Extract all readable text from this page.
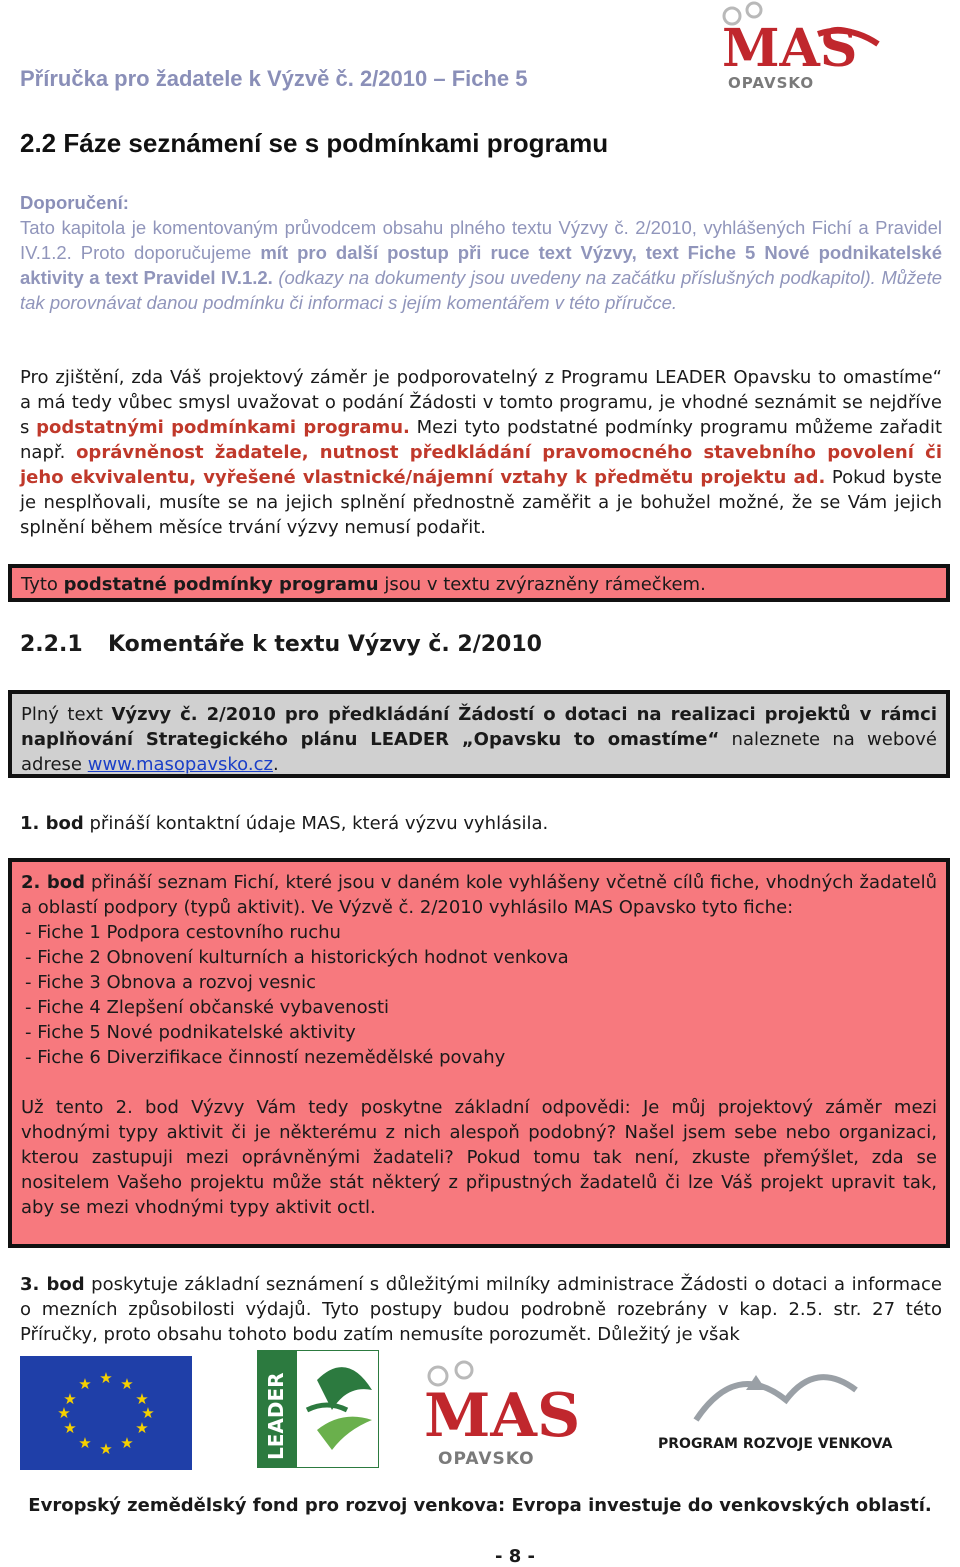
Příručka pro žadatele k Výzvě č. 2/2010 – Fiche 5	MAS
OPAVSKO
2.2 Fáze seznámení se s podmínkami programu
Doporučení:
Tato kapitola je komentovaným průvodcem obsahu plného textu Výzvy č. 2/2010, vyhlášených Fichí a Pravidel IV.1.2. Proto doporučujeme mít pro další postup při ruce text Výzvy, text Fiche 5 Nové podnikatelské aktivity a text Pravidel IV.1.2. (odkazy na dokumenty jsou uvedeny na začátku příslušných podkapitol). Můžete tak porovnávat danou podmínku či informaci s jejím komentářem v této příručce.
Pro zjištění, zda Váš projektový záměr je podporovatelný z Programu LEADER Opavsku to omastíme“ a má tedy vůbec smysl uvažovat o podání Žádosti v tomto programu, je vhodné seznámit se nejdříve s podstatnými podmínkami programu. Mezi tyto podstatné podmínky programu můžeme zařadit např. oprávněnost žadatele, nutnost předkládání pravomocného stavebního povolení či jeho ekvivalentu, vyřešené vlastnické/nájemní vztahy k předmětu projektu ad. Pokud byste je nesplňovali, musíte se na jejich splnění přednostně zaměřit a je bohužel možné, že se Vám jejich splnění během měsíce trvání výzvy nemusí podařit.
Tyto podstatné podmínky programu jsou v textu zvýrazněny rámečkem.
2.2.1 Komentáře k textu Výzvy č. 2/2010
Plný text Výzvy č. 2/2010 pro předkládání Žádostí o dotaci na realizaci projektů v rámci naplňování Strategického plánu LEADER „Opavsku to omastíme“ naleznete na webové adrese www.masopavsko.cz.
1. bod přináší kontaktní údaje MAS, která výzvu vyhlásila.
2. bod přináší seznam Fichí, které jsou v daném kole vyhlášeny včetně cílů fiche, vhodných žadatelů a oblastí podpory (typů aktivit). Ve Výzvě č. 2/2010 vyhlásilo MAS Opavsko tyto fiche:
- Fiche 1 Podpora cestovního ruchu
- Fiche 2 Obnovení kulturních a historických hodnot venkova
- Fiche 3 Obnova a rozvoj vesnic
- Fiche 4 Zlepšení občanské vybavenosti
- Fiche 5 Nové podnikatelské aktivity
- Fiche 6 Diverzifikace činností nezemědělské povahy
Už tento 2. bod Výzvy Vám tedy poskytne základní odpovědi: Je můj projektový záměr mezi vhodnými typy aktivit či je některému z nich alespoň podobný? Našel jsem sebe nebo organizaci, kterou zastupuji mezi oprávněnými žadateli? Pokud tomu tak není, zkuste přemýšlet, zda se nositelem Vašeho projektu může stát některý z připustných žadatelů či lze Váš projekt upravit tak, aby se mezi vhodnými typy aktivit octl.
3. bod poskytuje základní seznámení s důležitými milníky administrace Žádosti o dotaci a informace o mezních způsobilosti výdajů. Tyto postupy budou podrobně rozebrány v kap. 2.5. str. 27 této Příručky, proto obsahu tohoto bodu zatím nemusíte porozumět. Důležitý je však
★ ★
★
★
★
★
★
★
★
★
★
★	LEADER MAS
OPAVSKO
PROGRAM ROZVOJE VENKOVA
Evropský zemědělský fond pro rozvoj venkova: Evropa investuje do venkovských oblastí.
- 8 -
